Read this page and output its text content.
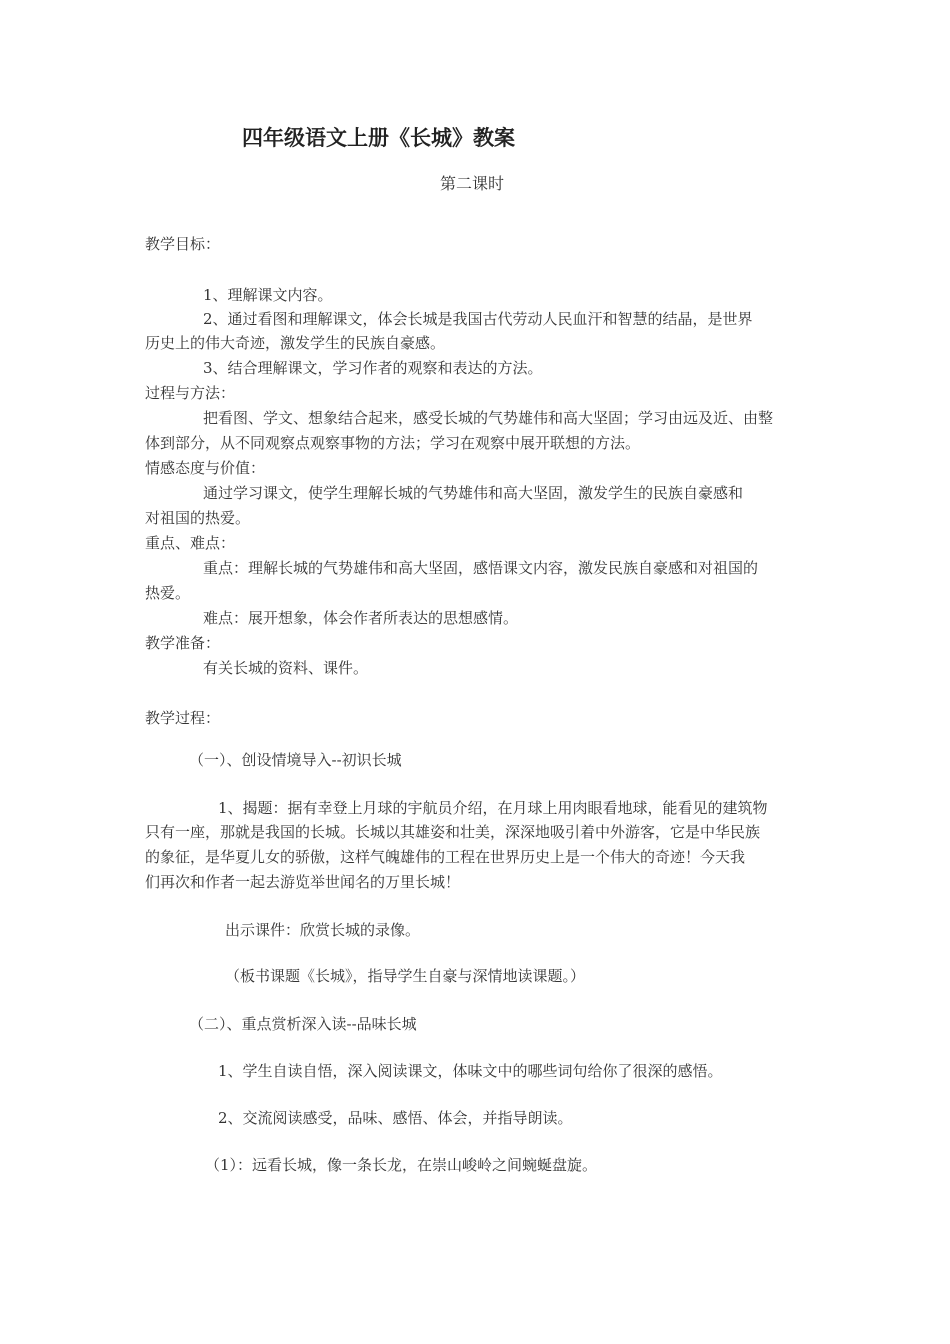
四年级语文上册《长城》教案
第二课时
教学目标：
1、理解课文内容。
2、通过看图和理解课文，体会长城是我国古代劳动人民血汗和智慧的结晶，是世界
历史上的伟大奇迹，激发学生的民族自豪感。
3、结合理解课文，学习作者的观察和表达的方法。
过程与方法：
把看图、学文、想象结合起来，感受长城的气势雄伟和高大坚固；学习由远及近、由整
体到部分，从不同观察点观察事物的方法；学习在观察中展开联想的方法。
情感态度与价值：
通过学习课文，使学生理解长城的气势雄伟和高大坚固，激发学生的民族自豪感和
对祖国的热爱。
重点、难点：
重点：理解长城的气势雄伟和高大坚固，感悟课文内容，激发民族自豪感和对祖国的
热爱。
难点：展开想象，体会作者所表达的思想感情。
教学准备：
有关长城的资料、课件。
教学过程：
（一）、创设情境导入--初识长城
1、揭题：据有幸登上月球的宇航员介绍，在月球上用肉眼看地球，能看见的建筑物
只有一座，那就是我国的长城。长城以其雄姿和壮美，深深地吸引着中外游客，它是中华民族
的象征，是华夏儿女的骄傲，这样气魄雄伟的工程在世界历史上是一个伟大的奇迹！今天我
们再次和作者一起去游览举世闻名的万里长城！
出示课件：欣赏长城的录像。
（板书课题《长城》，指导学生自豪与深情地读课题。）
（二）、重点赏析深入读--品味长城
1、学生自读自悟，深入阅读课文，体味文中的哪些词句给你了很深的感悟。
2、交流阅读感受，品味、感悟、体会，并指导朗读。
（1）：远看长城，像一条长龙，在崇山峻岭之间蜿蜒盘旋。
